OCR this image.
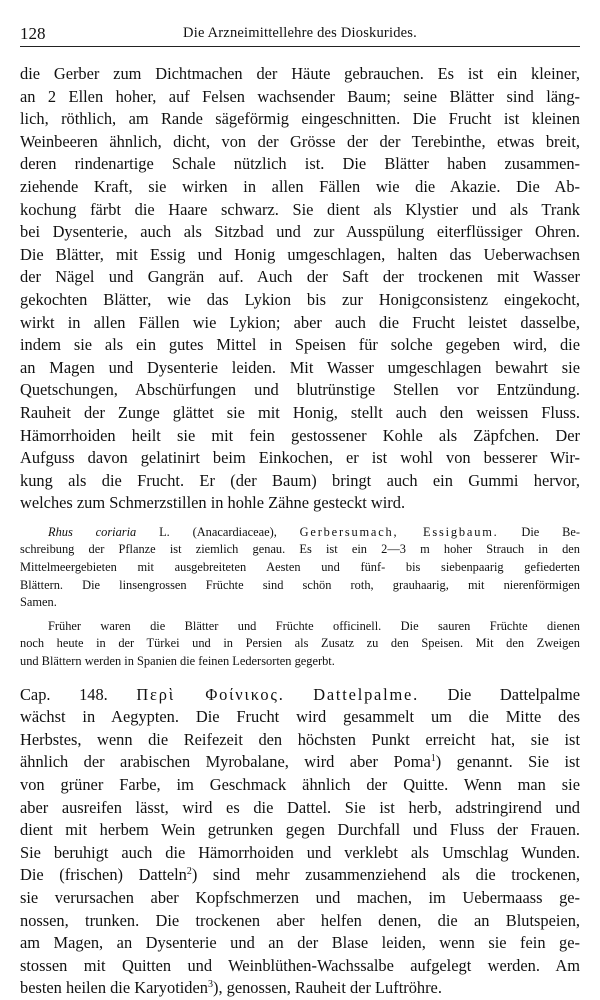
128	Die Arzneimittellehre des Dioskurides.
die Gerber zum Dichtmachen der Häute gebrauchen. Es ist ein kleiner,
an 2 Ellen hoher, auf Felsen wachsender Baum; seine Blätter sind läng-
lich, röthlich, am Rande sägeförmig eingeschnitten. Die Frucht ist kleinen
Weinbeeren ähnlich, dicht, von der Grösse der der Terebinthe, etwas breit,
deren rindenartige Schale nützlich ist. Die Blätter haben zusammen-
ziehende Kraft, sie wirken in allen Fällen wie die Akazie. Die Ab-
kochung färbt die Haare schwarz. Sie dient als Klystier und als Trank
bei Dysenterie, auch als Sitzbad und zur Ausspülung eiterflüssiger Ohren.
Die Blätter, mit Essig und Honig umgeschlagen, halten das Ueberwachsen
der Nägel und Gangrän auf. Auch der Saft der trockenen mit Wasser
gekochten Blätter, wie das Lykion bis zur Honigconsistenz eingekocht,
wirkt in allen Fällen wie Lykion; aber auch die Frucht leistet dasselbe,
indem sie als ein gutes Mittel in Speisen für solche gegeben wird, die
an Magen und Dysenterie leiden. Mit Wasser umgeschlagen bewahrt sie
Quetschungen, Abschürfungen und blutrünstige Stellen vor Entzündung.
Rauheit der Zunge glättet sie mit Honig, stellt auch den weissen Fluss.
Hämorrhoiden heilt sie mit fein gestossener Kohle als Zäpfchen. Der
Aufguss davon gelatinirt beim Einkochen, er ist wohl von besserer Wir-
kung als die Frucht. Er (der Baum) bringt auch ein Gummi hervor,
welches zum Schmerzstillen in hohle Zähne gesteckt wird.
Rhus coriaria L. (Anacardiaceae), Gerbersumach, Essigbaum. Die Be-
schreibung der Pflanze ist ziemlich genau. Es ist ein 2—3 m hoher Strauch in den
Mittelmeergebieten mit ausgebreiteten Aesten und fünf- bis siebenpaarig gefiederten
Blättern. Die linsengrossen Früchte sind schön roth, grauhaarig, mit nierenförmigen
Samen.
Früher waren die Blätter und Früchte officinell. Die sauren Früchte dienen
noch heute in der Türkei und in Persien als Zusatz zu den Speisen. Mit den Zweigen
und Blättern werden in Spanien die feinen Ledersorten gegerbt.
Cap. 148. Περὶ Φοίνικος. Dattelpalme. Die Dattelpalme
wächst in Aegypten. Die Frucht wird gesammelt um die Mitte des
Herbstes, wenn die Reifezeit den höchsten Punkt erreicht hat, sie ist
ähnlich der arabischen Myrobalane, wird aber Poma$^1$) genannt. Sie ist
von grüner Farbe, im Geschmack ähnlich der Quitte. Wenn man sie
aber ausreifen lässt, wird es die Dattel. Sie ist herb, adstringirend und
dient mit herbem Wein getrunken gegen Durchfall und Fluss der Frauen.
Sie beruhigt auch die Hämorrhoiden und verklebt als Umschlag Wunden.
Die (frischen) Datteln$^2$) sind mehr zusammenziehend als die trockenen,
sie verursachen aber Kopfschmerzen und machen, im Uebermaass ge-
nossen, trunken. Die trockenen aber helfen denen, die an Blutspeien,
am Magen, an Dysenterie und an der Blase leiden, wenn sie fein ge-
stossen mit Quitten und Weinblüthen-Wachssalbe aufgelegt werden. Am
besten heilen die Karyotiden$^3$), genossen, Rauheit der Luftröhre.
